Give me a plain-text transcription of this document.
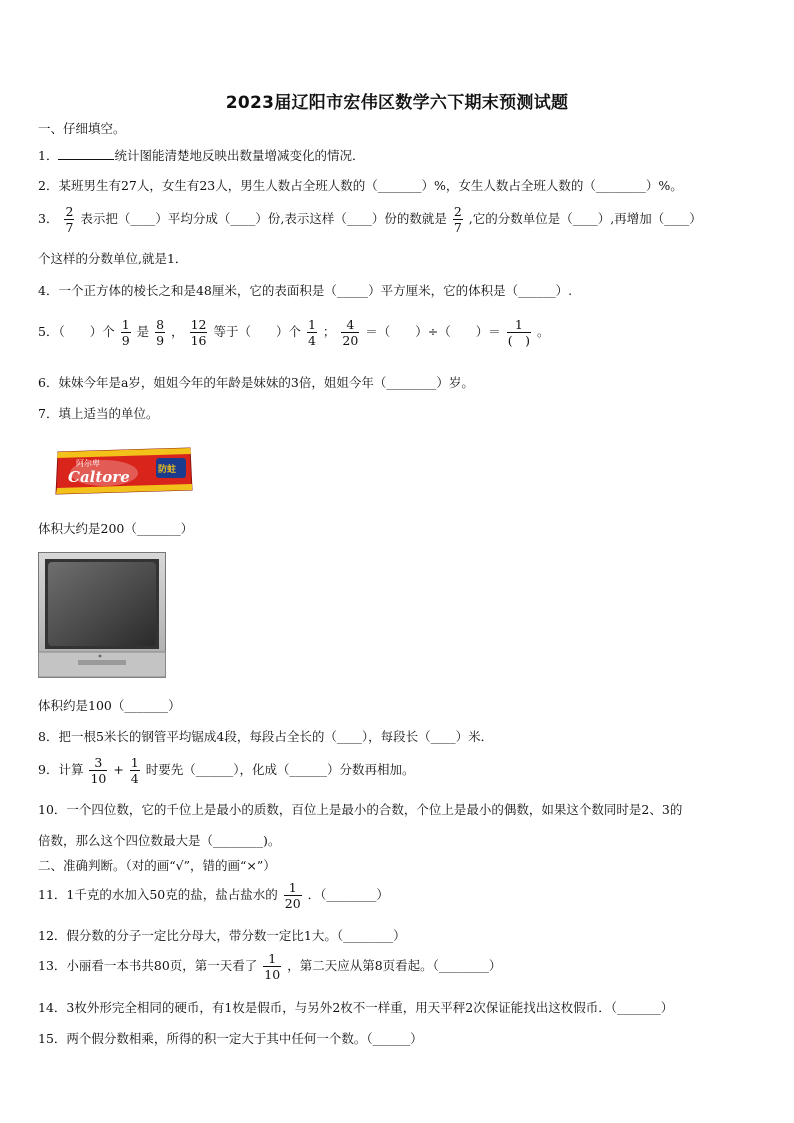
2023届辽阳市宏伟区数学六下期末预测试题
一、仔细填空。
1．	统计图能清楚地反映出数量增减变化的情况．
2．某班男生有27人，女生有23人，男生人数占全班人数的（_______）%，女生人数占全班人数的（________）%。
3． $\frac{2}{7}$ 表示把（____）平均分成（____）份,表示这样（____）份的数就是 $\frac{2}{7}$ ,它的分数单位是（____）,再增加（____）
个这样的分数单位,就是1．
4．一个正方体的棱长之和是48厘米，它的表面积是（_____）平方厘米，它的体积是（______）.
5．（　　）个 $\frac{1}{9}$ 是 $\frac{8}{9}$ ， $\frac{12}{16}$ 等于（　　）个 $\frac{1}{4}$ ； $\frac{4}{20}$ ＝（　　）÷（　　）＝ $\frac{1}{( )}$ 。
6．妹妹今年是a岁，姐姐今年的年龄是妹妹的3倍，姐姐今年（________）岁。
7．填上适当的单位。
阿尔卑
Caltore	防蛀
体积大约是200（_______）
体积约是100（_______）
8．把一根5米长的钢管平均锯成4段，每段占全长的（____），每段长（____）米．
9．计算 $\frac{3}{10} + \frac{1}{4}$ 时要先（______），化成（______）分数再相加。
10．一个四位数，它的千位上是最小的质数，百位上是最小的合数，个位上是最小的偶数，如果这个数同时是2、3的
倍数，那么这个四位数最大是（________)。
二、准确判断。（对的画“√”，错的画“×”）
11．1千克的水加入50克的盐，盐占盐水的 $\frac{1}{20}$ ．（________）
12．假分数的分子一定比分母大，带分数一定比1大。（________）
13．小丽看一本书共80页，第一天看了 $\frac{1}{10}$ ，第二天应从第8页看起。（________）
14．3枚外形完全相同的硬币，有1枚是假币，与另外2枚不一样重，用天平秤2次保证能找出这枚假币．（_______）
15．两个假分数相乘，所得的积一定大于其中任何一个数。（______）
